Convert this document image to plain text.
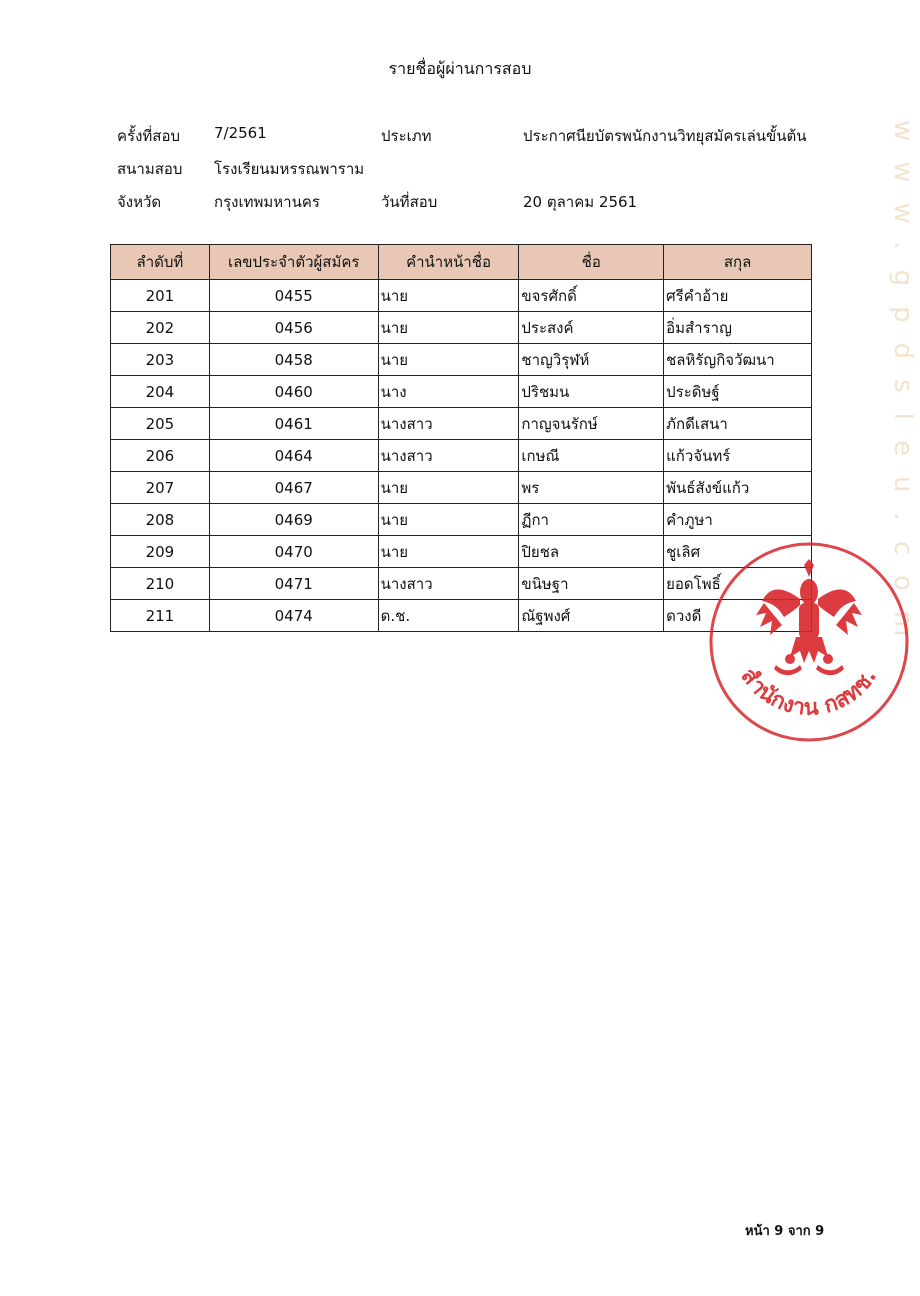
www.gpdsleu.com
รายชื่อผู้ผ่านการสอบ
ครั้งที่สอบ 7/2561	ประเภท	ประกาศนียบัตรพนักงานวิทยุสมัครเล่นขั้นต้น
สนามสอบ โรงเรียนมหรรณพาราม
จังหวัด	กรุงเทพมหานคร	วันที่สอบ	20 ตุลาคม 2561
ลำดับที่	เลขประจำตัวผู้สมัคร	คำนำหน้าชื่อ	ชื่อ	สกุล
201	0455	นาย	ขจรศักดิ์	ศรีคำอ้าย
202	0456	นาย	ประสงค์	อิ่มสำราญ
203	0458	นาย	ชาญวิรุฬห์	ชลหิรัญกิจวัฒนา
204	0460	นาง	ปริชมน	ประดิษฐ์
205	0461	นางสาว	กาญจนรักษ์	ภักดีเสนา
206	0464	นางสาว	เกษณี	แก้วจันทร์
207	0467	นาย	พร	พันธ์สังข์แก้ว
208	0469	นาย	ฏีกา	คำภูษา
209	0470	นาย	ปิยชล	ชูเลิศ
210	0471	นางสาว	ขนิษฐา	ยอดโพธิ์
211	0474	ด.ช.	ณัฐพงศ์	ดวงดี
สำนักงาน กสทช.
หน้า 9 จาก 9
